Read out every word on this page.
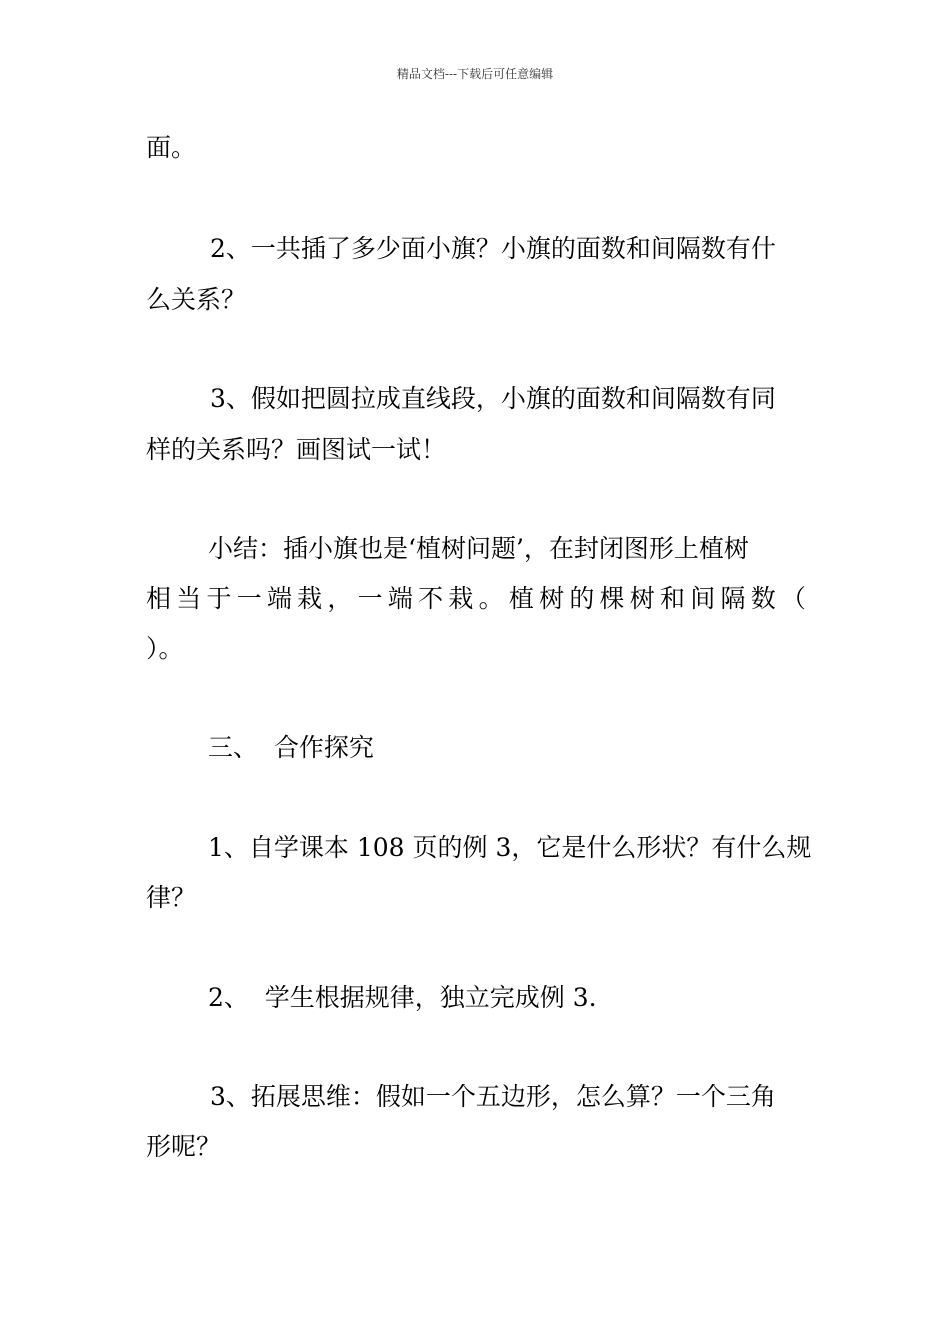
精品文档---下载后可任意编辑
面。
2、一共插了多少面小旗？小旗的面数和间隔数有什
么关系？
3、假如把圆拉成直线段，小旗的面数和间隔数有同
样的关系吗？画图试一试！
小结：插小旗也是‘植树问题’，在封闭图形上植树
相当于一端栽，一端不栽。植树的棵树和间隔数（
）。
三、  合作探究
1、自学课本 108 页的例 3，它是什么形状？有什么规
律？
2、  学生根据规律，独立完成例 3.
3、拓展思维：假如一个五边形，怎么算？一个三角
形呢？
